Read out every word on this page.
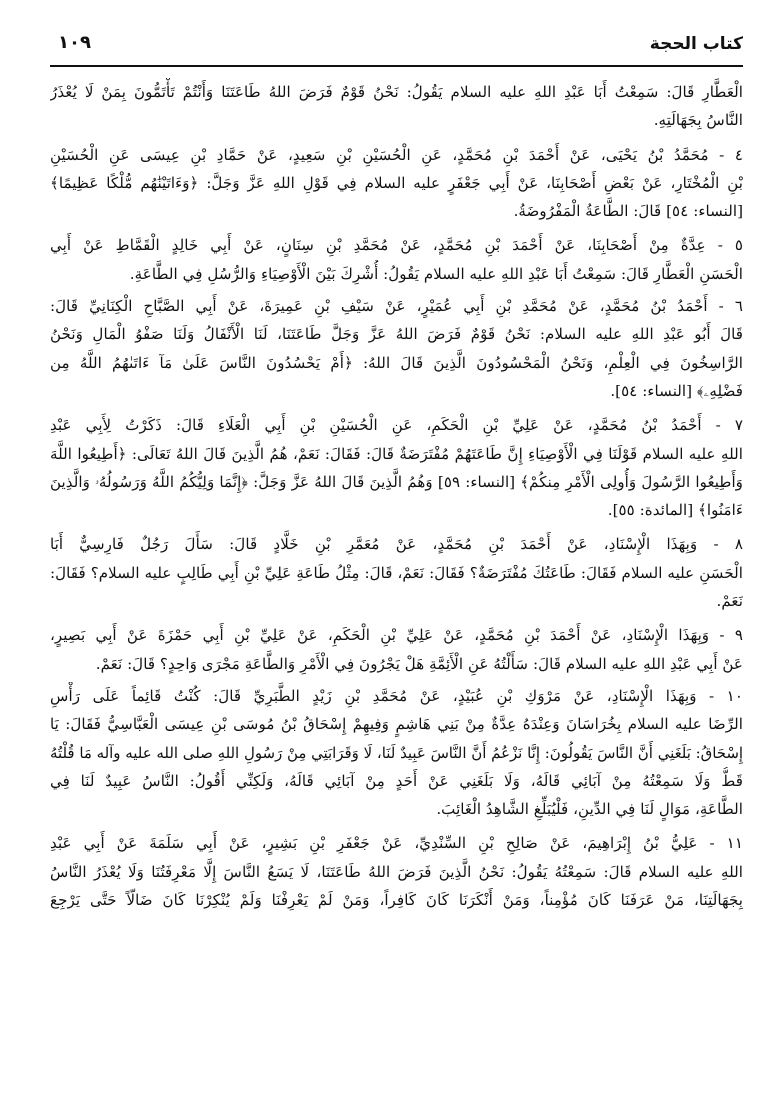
كتاب الحجة
١٠٩
الْعَطَّارِ قَالَ: سَمِعْتُ أَبَا عَبْدِ اللهِ عليه السلام يَقُولُ: نَحْنُ قَوْمٌ فَرَضَ اللهُ طَاعَتَنَا وَأَنْتُمْ تَأْتَمُّونَ بِمَنْ لَا يُعْذَرُ
النَّاسُ بِجَهَالَتِهِ.
٤ - مُحَمَّدُ بْنُ يَحْيَى، عَنْ أَحْمَدَ بْنِ مُحَمَّدٍ، عَنِ الْحُسَيْنِ بْنِ سَعِيدٍ، عَنْ حَمَّادِ بْنِ عِيسَى عَنِ الْحُسَيْنِ
بْنِ الْمُخْتَارِ، عَنْ بَعْضِ أَصْحَابِنَا، عَنْ أَبِي جَعْفَرٍ عليه السلام فِي قَوْلِ اللهِ عَزَّ وَجَلَّ: ﴿وَءَاتَيْنَٰهُم مُّلْكًا عَظِيمًا﴾
[النساء: ٥٤] قَالَ: الطَّاعَةُ الْمَفْرُوضَةُ.
٥ - عِدَّةٌ مِنْ أَصْحَابِنَا، عَنْ أَحْمَدَ بْنِ مُحَمَّدٍ، عَنْ مُحَمَّدِ بْنِ سِنَانٍ، عَنْ أَبِي خَالِدٍ الْقَمَّاطِ عَنْ أَبِي
الْحَسَنِ الْعَطَّارِ قَالَ: سَمِعْتُ أَبَا عَبْدِ اللهِ عليه السلام يَقُولُ: أُشْرِكَ بَيْنَ الْأَوْصِيَاءِ وَالرُّسُلِ فِي الطَّاعَةِ.
٦ - أَحْمَدُ بْنُ مُحَمَّدٍ، عَنْ مُحَمَّدِ بْنِ أَبِي عُمَيْرٍ، عَنْ سَيْفِ بْنِ عَمِيرَةَ، عَنْ أَبِي الصَّبَّاحِ الْكِنَانِيِّ قَالَ:
قَالَ أَبُو عَبْدِ اللهِ عليه السلام: نَحْنُ قَوْمٌ فَرَضَ اللهُ عَزَّ وَجَلَّ طَاعَتَنَا، لَنَا الْأَنْفَالُ وَلَنَا صَفْوُ الْمَالِ وَنَحْنُ
الرَّاسِخُونَ فِي الْعِلْمِ، وَنَحْنُ الْمَحْسُودُونَ الَّذِينَ قَالَ اللهُ: ﴿أَمْ يَحْسُدُونَ النَّاسَ عَلَىٰ مَآ ءَاتَىٰهُمُ اللَّهُ مِن
فَضْلِهِۦ﴾ [النساء: ٥٤].
٧ - أَحْمَدُ بْنُ مُحَمَّدٍ، عَنْ عَلِيِّ بْنِ الْحَكَمِ، عَنِ الْحُسَيْنِ بْنِ أَبِي الْعَلَاءِ قَالَ: ذَكَرْتُ لِأَبِي عَبْدِ
اللهِ عليه السلام قَوْلَنَا فِي الْأَوْصِيَاءِ إِنَّ طَاعَتَهُمْ مُفْتَرَضَةٌ قَالَ: فَقَالَ: نَعَمْ، هُمُ الَّذِينَ قَالَ اللهُ تَعَالَى: ﴿أَطِيعُوا اللَّهَ
وَأَطِيعُوا الرَّسُولَ وَأُولِى الْأَمْرِ مِنكُمْ﴾ [النساء: ٥٩] وَهُمُ الَّذِينَ قَالَ اللهُ عَزَّ وَجَلَّ: ﴿إِنَّمَا وَلِيُّكُمُ اللَّهُ وَرَسُولُهُۥ وَالَّذِينَ
ءَامَنُوا﴾ [المائدة: ٥٥].
٨ - وَبِهَذَا الْإِسْنَادِ، عَنْ أَحْمَدَ بْنِ مُحَمَّدٍ، عَنْ مُعَمَّرِ بْنِ خَلَّادٍ قَالَ: سَأَلَ رَجُلٌ فَارِسِيٌّ أَبَا
الْحَسَنِ عليه السلام فَقَالَ: طَاعَتُكَ مُفْتَرَضَةٌ؟ فَقَالَ: نَعَمْ، قَالَ: مِثْلُ طَاعَةِ عَلِيِّ بْنِ أَبِي طَالِبٍ عليه السلام؟ فَقَالَ:
نَعَمْ.
٩ - وَبِهَذَا الْإِسْنَادِ، عَنْ أَحْمَدَ بْنِ مُحَمَّدٍ، عَنْ عَلِيِّ بْنِ الْحَكَمِ، عَنْ عَلِيِّ بْنِ أَبِي حَمْزَةَ عَنْ أَبِي بَصِيرٍ،
عَنْ أَبِي عَبْدِ اللهِ عليه السلام قَالَ: سَأَلْتُهُ عَنِ الْأَئِمَّةِ هَلْ يَجْرُونَ فِي الْأَمْرِ وَالطَّاعَةِ مَجْرَى وَاحِدٍ؟ قَالَ: نَعَمْ.
١٠ - وَبِهَذَا الْإِسْنَادِ، عَنْ مَرْوَكِ بْنِ عُبَيْدٍ، عَنْ مُحَمَّدِ بْنِ زَيْدٍ الطَّبَرِيِّ قَالَ: كُنْتُ قَائِماً عَلَى رَأْسِ
الرِّضَا عليه السلام بِخُرَاسَانَ وَعِنْدَهُ عِدَّةٌ مِنْ بَنِي هَاشِمٍ وَفِيهِمْ إِسْحَاقُ بْنُ مُوسَى بْنِ عِيسَى الْعَبَّاسِيُّ فَقَالَ: يَا
إِسْحَاقُ: بَلَغَنِي أَنَّ النَّاسَ يَقُولُونَ: إِنَّا نَزْعُمُ أَنَّ النَّاسَ عَبِيدٌ لَنَا، لَا وَقَرَابَتِي مِنْ رَسُولِ اللهِ صلى الله عليه وآله مَا قُلْتُهُ
قَطُّ وَلَا سَمِعْتُهُ مِنْ آبَائِي قَالَهُ، وَلَا بَلَغَنِي عَنْ أَحَدٍ مِنْ آبَائِي قَالَهُ، وَلَكِنِّي أَقُولُ: النَّاسُ عَبِيدٌ لَنَا فِي
الطَّاعَةِ، مَوَالٍ لَنَا فِي الدِّينِ، فَلْيُبَلِّغِ الشَّاهِدُ الْغَائِبَ.
١١ - عَلِيُّ بْنُ إِبْرَاهِيمَ، عَنْ صَالِحِ بْنِ السِّنْدِيِّ، عَنْ جَعْفَرِ بْنِ بَشِيرٍ، عَنْ أَبِي سَلَمَةَ عَنْ أَبِي عَبْدِ
اللهِ عليه السلام قَالَ: سَمِعْتُهُ يَقُولُ: نَحْنُ الَّذِينَ فَرَضَ اللهُ طَاعَتَنَا، لَا يَسَعُ النَّاسَ إِلَّا مَعْرِفَتُنَا وَلَا يُعْذَرُ النَّاسُ
بِجَهَالَتِنَا، مَنْ عَرَفَنَا كَانَ مُؤْمِناً، وَمَنْ أَنْكَرَنَا كَانَ كَافِراً، وَمَنْ لَمْ يَعْرِفْنَا وَلَمْ يُنْكِرْنَا كَانَ ضَالّاً حَتَّى يَرْجِعَ
